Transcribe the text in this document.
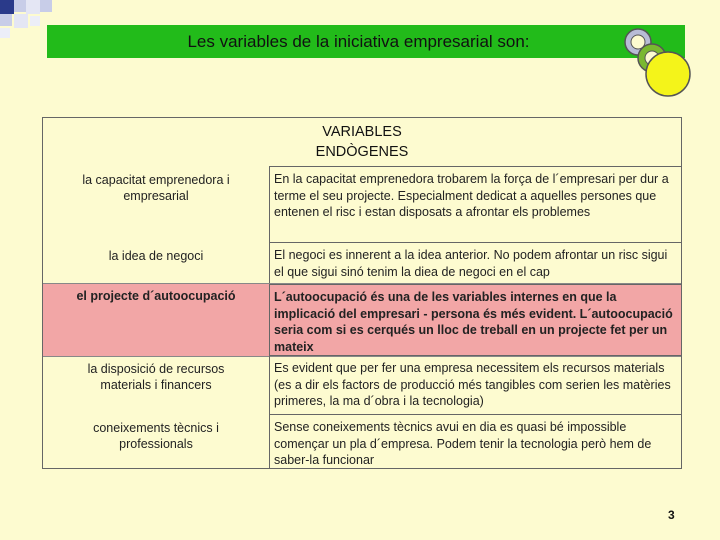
Les variables de la iniciativa empresarial son:
VARIABLES
ENDÒGENES
la capacitat emprenedora i empresarial
En la capacitat emprenedora trobarem la força de l´empresari per dur a terme el seu projecte. Especialment dedicat a aquelles persones que entenen el risc i estan disposats a afrontar els problemes
la idea de negoci	El negoci es innerent a la idea anterior. No podem afrontar un risc sigui el que sigui sinó tenim la diea de negoci en el cap
el projecte d´autoocupació	L´autoocupació és una de les variables internes en que la implicació del empresari - persona és més evident. L´autoocupació seria com si es cerqués un lloc de treball en un projecte fet per un mateix
la disposició de recursos materials i financers
Es evident que per fer una empresa necessitem els recursos materials (es a dir els factors de producció més tangibles com serien les matèries primeres, la ma d´obra i la tecnologia)
coneixements tècnics i professionals
Sense coneixements tècnics avui en dia es quasi bé impossible començar un pla d´empresa. Podem tenir la tecnologia però hem de saber-la funcionar
3
